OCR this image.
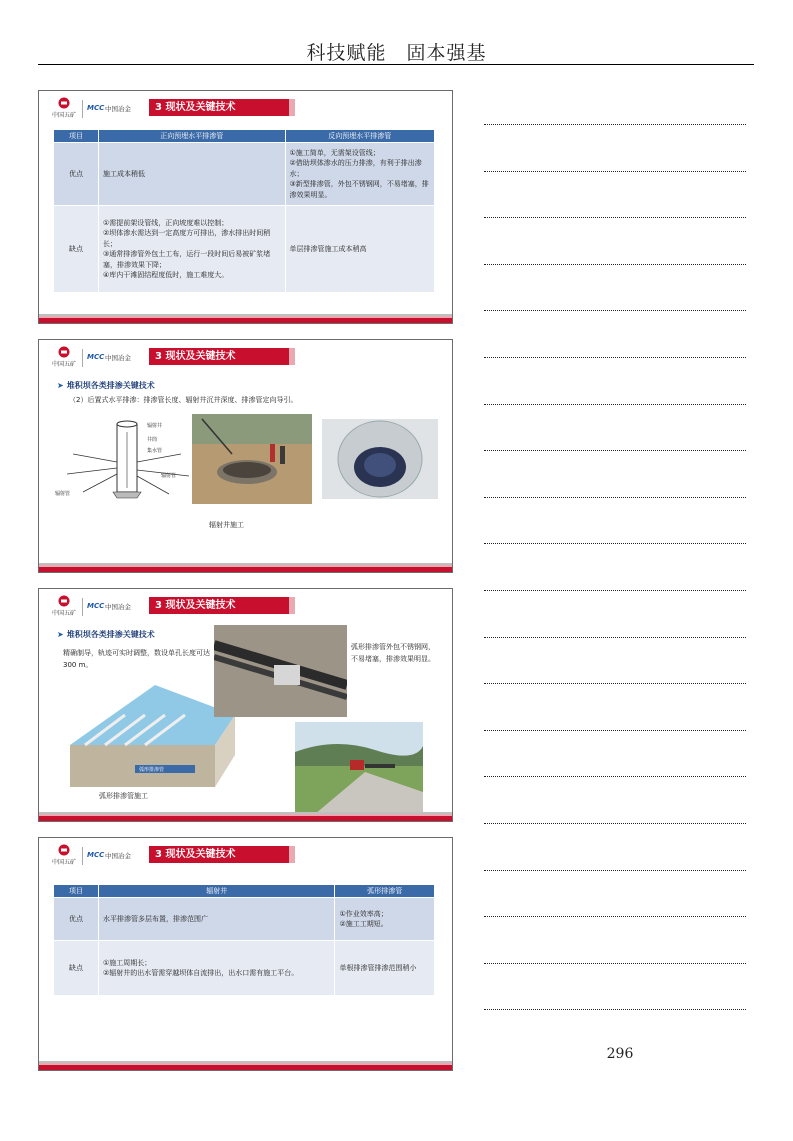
科技赋能　固本强基
中国五矿
MCC 中国冶金	3 现状及关键技术
项目	正向预埋水平排渗管	反向预埋水平排渗管
优点	施工成本稍低	①施工简单，无需架设管线；
②借助坝体渗水的压力排渗，有利于排出渗水；
③新型排渗管，外包不锈钢网，不易堵塞，排渗效果明显。

缺点	①需提前架设管线，正向坡度难以控制；
②坝体渗水需达到一定高度方可排出，渗水排出时间稍长；
③通常排渗管外包土工布，运行一段时间后易被矿浆堵塞，排渗效果下降；
④库内干滩固结程度低时，施工难度大。	单层排渗管施工成本稍高
中国五矿
MCC 中国冶金	3 现状及关键技术
➤ 堆积坝各类排渗关键技术
（2）后置式水平排渗：排渗管长度、辐射井沉井深度、排渗管定向导引。
辐射井
井筒
集水管
辐射管
辐射管
辐射井施工
中国五矿
MCC 中国冶金	3 现状及关键技术
➤ 堆积坝各类排渗关键技术
精确制导，轨迹可实时调整，数设单孔长度可达 300 m。
弧形排渗管外包不锈钢网，不易堵塞，排渗效果明显。
弧形排渗管
弧形排渗管施工
中国五矿
MCC 中国冶金	3 现状及关键技术
项目	辐射井	弧形排渗管
优点	水平排渗管多层布置，排渗范围广	①作业效率高；
②施工工期短。

缺点	①施工周期长；
②辐射井的出水管需穿越坝体自流排出，出水口需有施工平台。	单根排渗管排渗范围稍小
296
